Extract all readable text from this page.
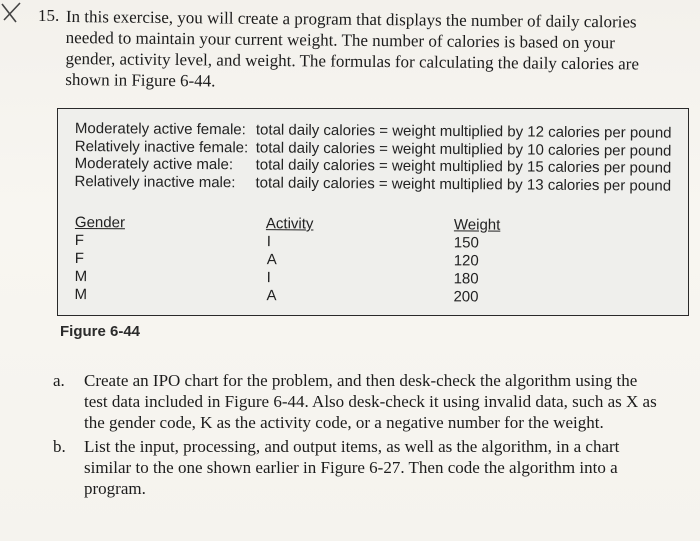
15. In this exercise, you will create a program that displays the number of daily calories

needed to maintain your current weight. The number of calories is based on your

gender, activity level, and weight. The formulas for calculating the daily calories are

shown in Figure 6-44.

Moderately active female: total daily calories = weight multiplied by 12 calories per pound
Relatively inactive female: total daily calories = weight multiplied by 10 calories per pound
Moderately active male:	total daily calories = weight multiplied by 15 calories per pound
Relatively inactive male:	total daily calories = weight multiplied by 13 calories per pound
Gender
F
F
M
M
Activity
I
A
I
A
Weight
150
120
180
200
Figure 6-44
a. Create an IPO chart for the problem, and then desk-check the algorithm using the

test data included in Figure 6-44. Also desk-check it using invalid data, such as X as

the gender code, K as the activity code, or a negative number for the weight.

b. List the input, processing, and output items, as well as the algorithm, in a chart

similar to the one shown earlier in Figure 6-27. Then code the algorithm into a

program.
